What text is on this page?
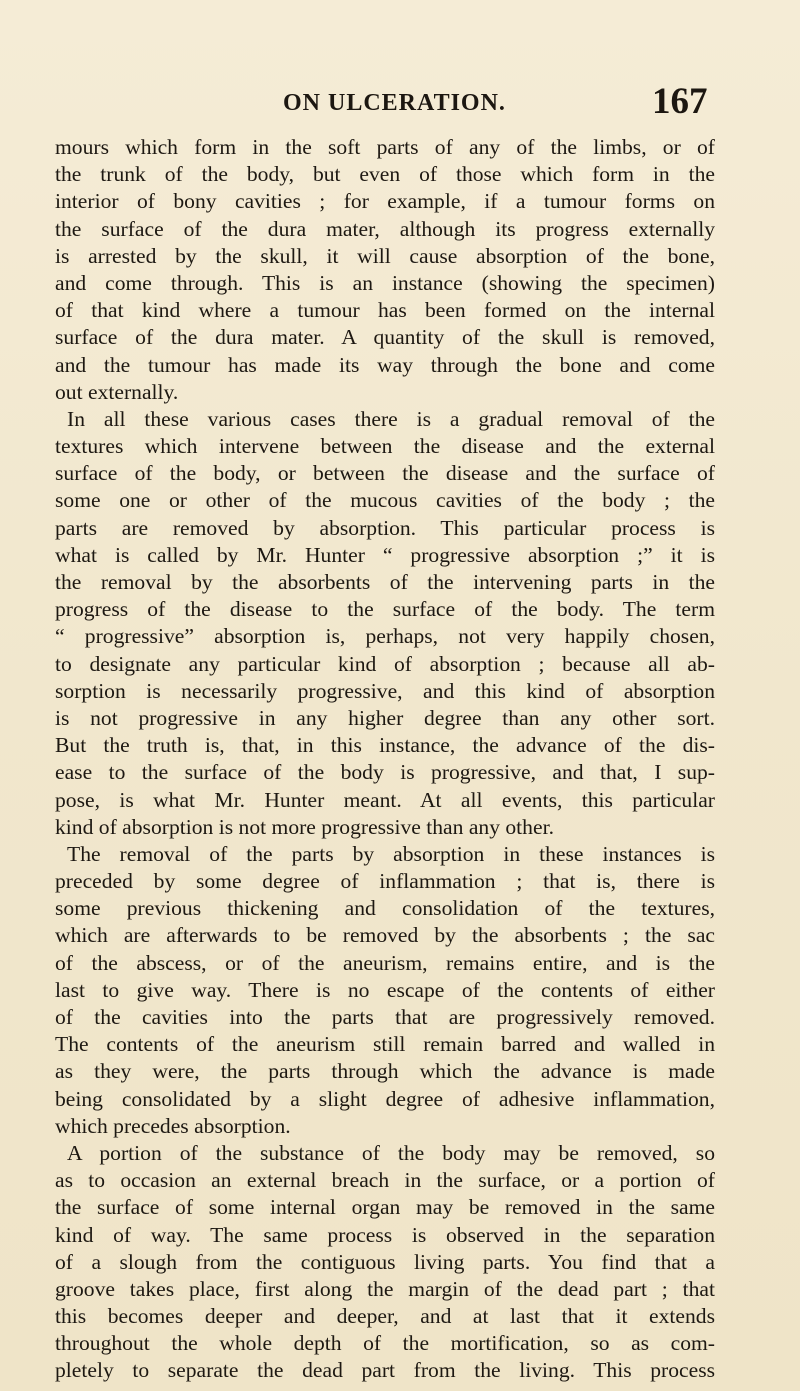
ON ULCERATION.	167
mours which form in the soft parts of any of the limbs, or of
the trunk of the body, but even of those which form in the
interior of bony cavities ; for example, if a tumour forms on
the surface of the dura mater, although its progress externally
is arrested by the skull, it will cause absorption of the bone,
and come through. This is an instance (showing the specimen)
of that kind where a tumour has been formed on the internal
surface of the dura mater. A quantity of the skull is removed,
and the tumour has made its way through the bone and come
out externally.
In all these various cases there is a gradual removal of the
textures which intervene between the disease and the external
surface of the body, or between the disease and the surface of
some one or other of the mucous cavities of the body ; the
parts are removed by absorption. This particular process is
what is called by Mr. Hunter “ progressive absorption ;” it is
the removal by the absorbents of the intervening parts in the
progress of the disease to the surface of the body. The term
“ progressive” absorption is, perhaps, not very happily chosen,
to designate any particular kind of absorption ; because all ab-
sorption is necessarily progressive, and this kind of absorption
is not progressive in any higher degree than any other sort.
But the truth is, that, in this instance, the advance of the dis-
ease to the surface of the body is progressive, and that, I sup-
pose, is what Mr. Hunter meant. At all events, this particular
kind of absorption is not more progressive than any other.
The removal of the parts by absorption in these instances is
preceded by some degree of inflammation ; that is, there is
some previous thickening and consolidation of the textures,
which are afterwards to be removed by the absorbents ; the sac
of the abscess, or of the aneurism, remains entire, and is the
last to give way. There is no escape of the contents of either
of the cavities into the parts that are progressively removed.
The contents of the aneurism still remain barred and walled in
as they were, the parts through which the advance is made
being consolidated by a slight degree of adhesive inflammation,
which precedes absorption.
A portion of the substance of the body may be removed, so
as to occasion an external breach in the surface, or a portion of
the surface of some internal organ may be removed in the same
kind of way. The same process is observed in the separation
of a slough from the contiguous living parts. You find that a
groove takes place, first along the margin of the dead part ; that
this becomes deeper and deeper, and at last that it extends
throughout the whole depth of the mortification, so as com-
pletely to separate the dead part from the living. This process
